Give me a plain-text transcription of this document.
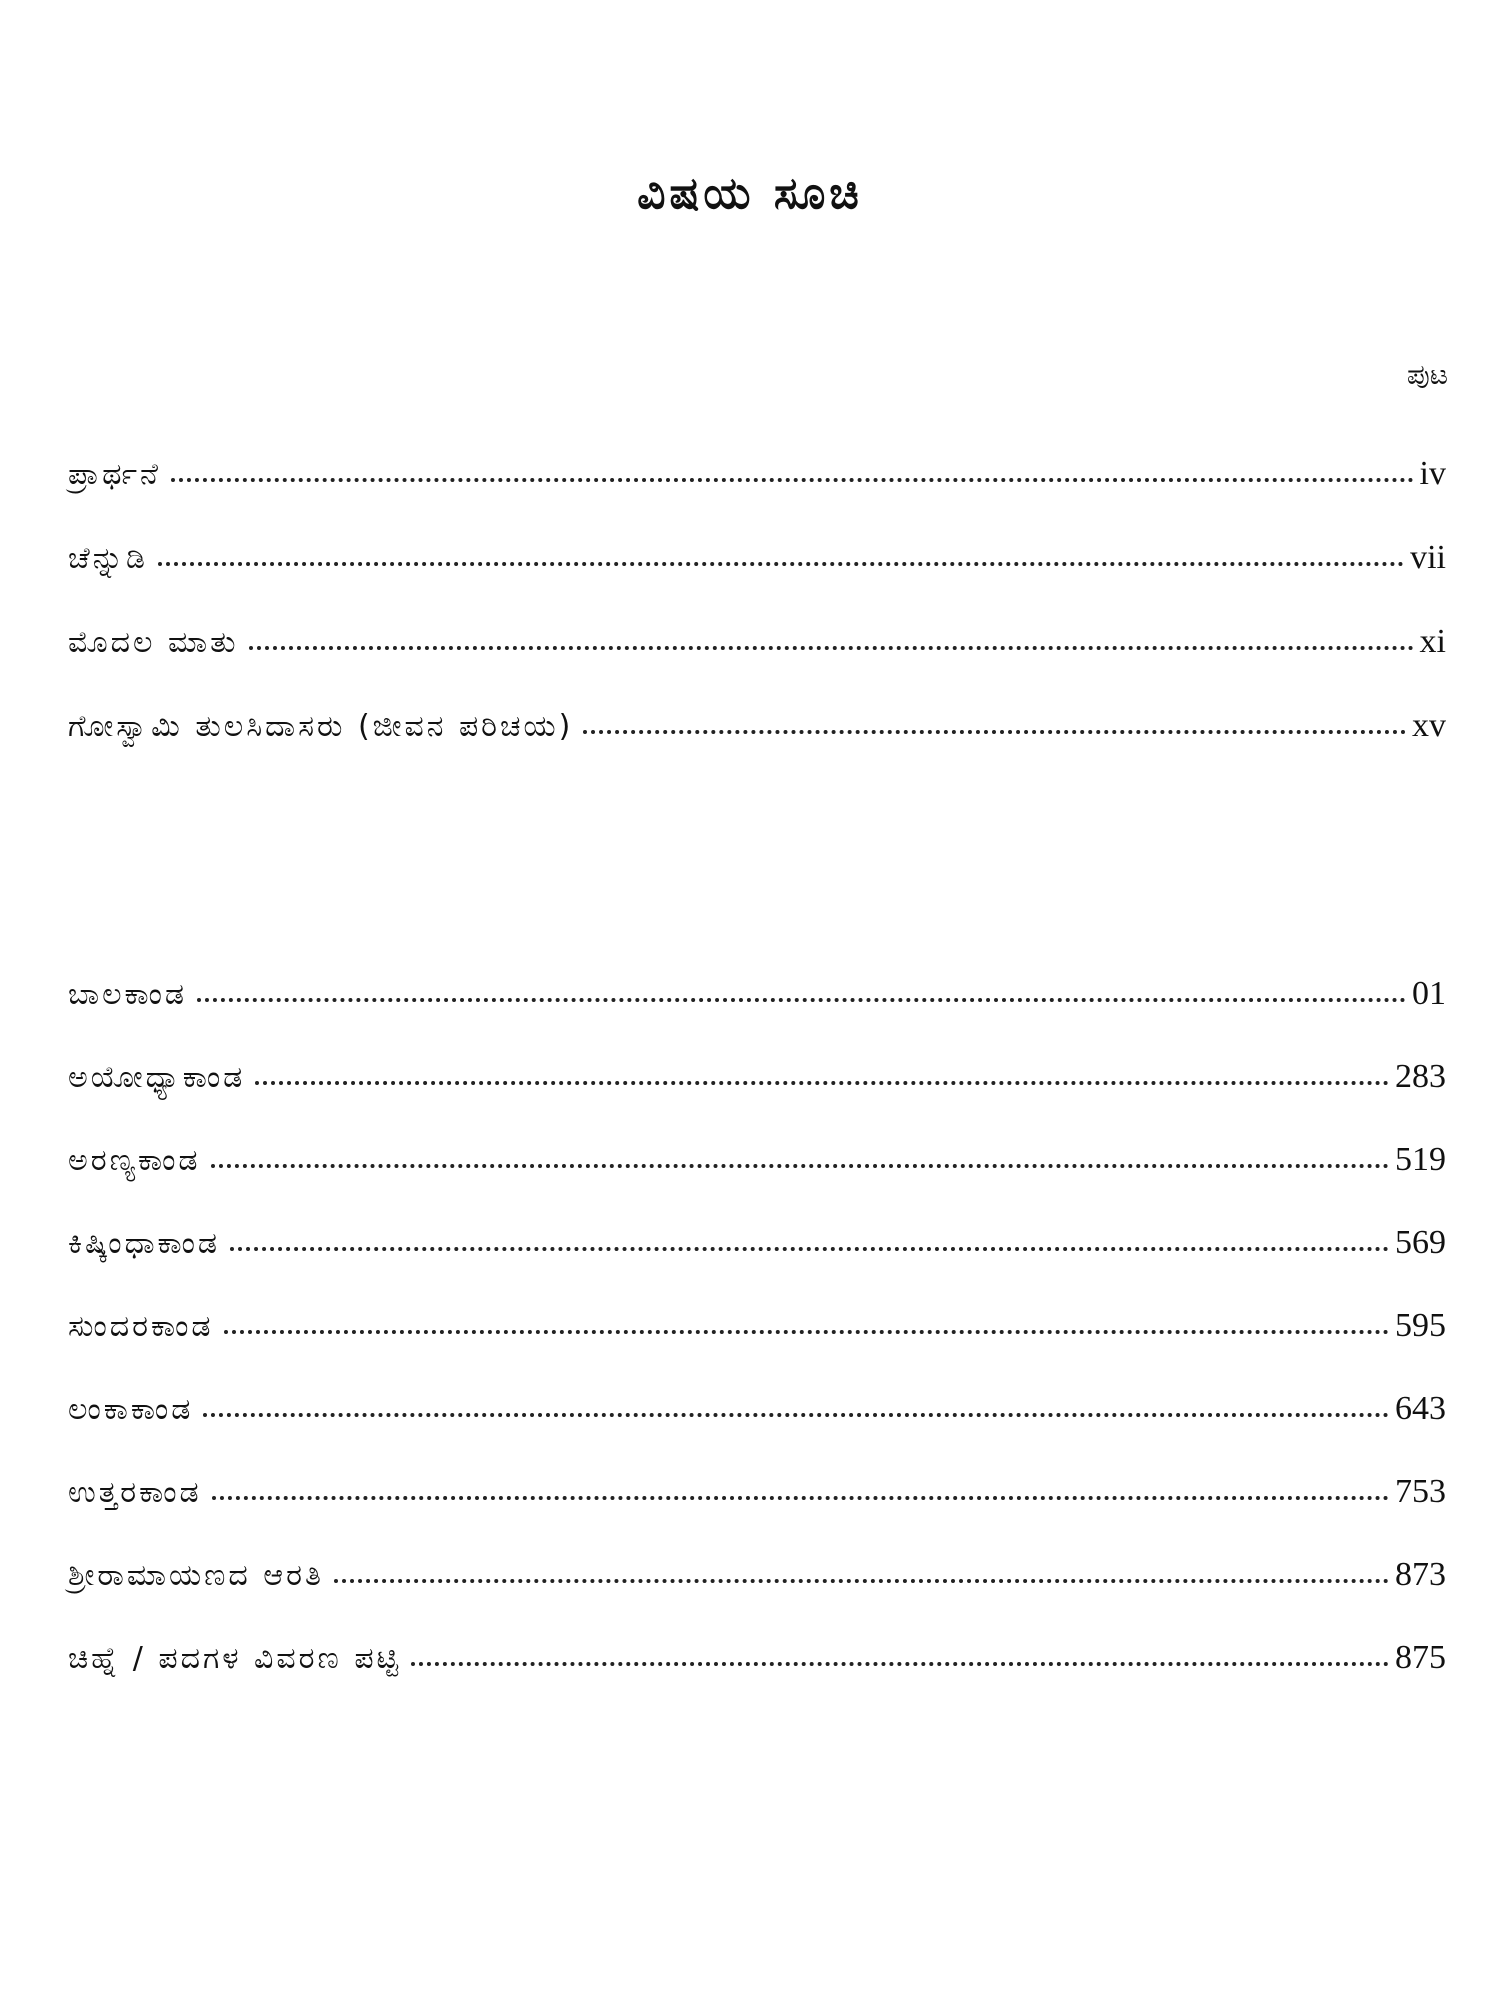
ವಿಷಯ ಸೂಚಿ
ಪುಟ
ಪ್ರಾರ್ಥನೆ	iv
ಚೆನ್ನುಡಿ	vii
ಮೊದಲ ಮಾತು	xi
ಗೋಸ್ವಾಮಿ ತುಲಸಿದಾಸರು (ಜೀವನ ಪರಿಚಯ)	xv
ಬಾಲಕಾಂಡ	01
ಅಯೋಧ್ಯಾಕಾಂಡ	283
ಅರಣ್ಯಕಾಂಡ	519
ಕಿಷ್ಕಿಂಧಾಕಾಂಡ	569
ಸುಂದರಕಾಂಡ	595
ಲಂಕಾಕಾಂಡ	643
ಉತ್ತರಕಾಂಡ	753
ಶ್ರೀರಾಮಾಯಣದ ಆರತಿ	873
ಚಿಹ್ನೆ / ಪದಗಳ ವಿವರಣ ಪಟ್ಟಿ	875
